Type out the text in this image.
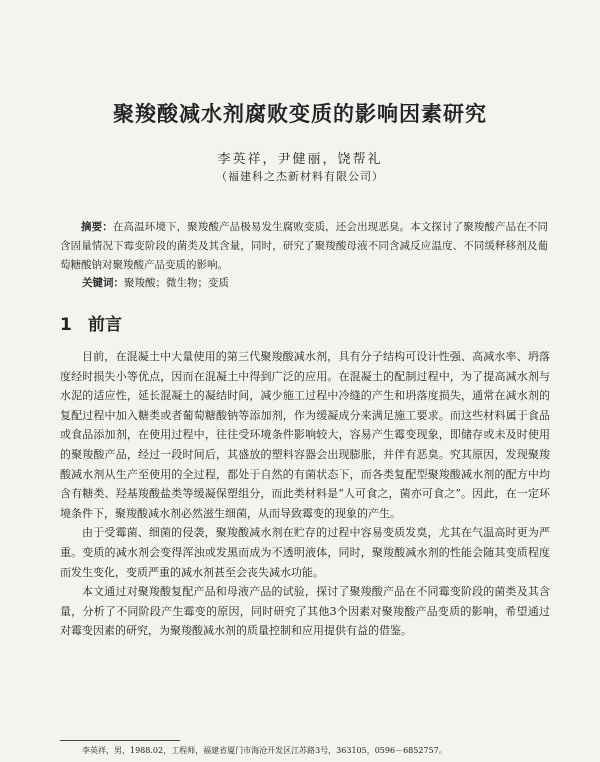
聚羧酸减水剂腐败变质的影响因素研究
李英祥，尹健丽，饶帮礼
（福建科之杰新材料有限公司）
摘要：在高温环境下，聚羧酸产品极易发生腐败变质，还会出现恶臭。本文探讨了聚羧酸产品在不同含固量情况下霉变阶段的菌类及其含量，同时，研究了聚羧酸母液不同含减反应温度、不同缓释移剂及葡萄糖酸钠对聚羧酸产品变质的影响。
关键词：聚羧酸；微生物；变质
1 前言

目前，在混凝土中大量使用的第三代聚羧酸减水剂，具有分子结构可设计性强、高减水率、坍落度经时损失小等优点，因而在混凝土中得到广泛的应用。在混凝土的配制过程中，为了提高减水剂与水泥的适应性，延长混凝土的凝结时间，减少施工过程中冷缝的产生和坍落度损失，通常在减水剂的复配过程中加入糖类或者葡萄糖酸钠等添加剂，作为缓凝成分来满足施工要求。而这些材料属于食品或食品添加剂，在使用过程中，往往受环境条件影响较大，容易产生霉变现象，即储存或未及时使用的聚羧酸产品，经过一段时间后，其盛放的塑料容器会出现膨胀，并伴有恶臭。究其原因，发现聚羧酸减水剂从生产至使用的全过程，都处于自然的有菌状态下，而各类复配型聚羧酸减水剂的配方中均含有糖类、羟基羧酸盐类等缓凝保塑组分，而此类材料是“人可食之，菌亦可食之”。因此，在一定环境条件下，聚羧酸减水剂必然滋生细菌，从而导致霉变的现象的产生。

由于受霉菌、细菌的侵袭，聚羧酸减水剂在贮存的过程中容易变质发臭，尤其在气温高时更为严重。变质的减水剂会变得浑浊或发黑而成为不透明液体，同时，聚羧酸减水剂的性能会随其变质程度而发生变化，变质严重的减水剂甚至会丧失减水功能。

本文通过对聚羧酸复配产品和母液产品的试验，探讨了聚羧酸产品在不同霉变阶段的菌类及其含量，分析了不同阶段产生霉变的原因，同时研究了其他3个因素对聚羧酸产品变质的影响，希望通过对霉变因素的研究，为聚羧酸减水剂的质量控制和应用提供有益的借鉴。

李英祥，男，1988.02，工程师，福建省厦门市海沧开发区江苏路3号，363105，0596－6852757。
